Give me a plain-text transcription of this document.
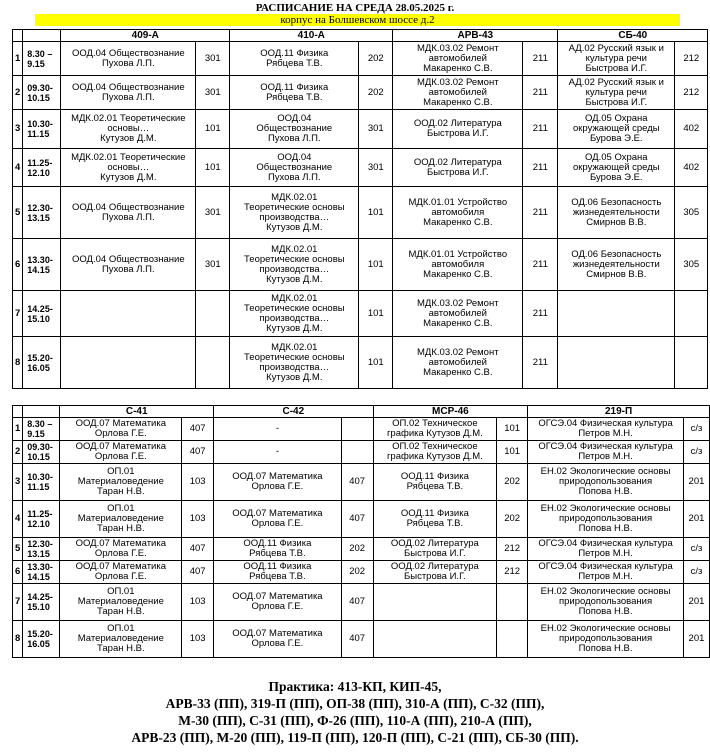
РАСПИСАНИЕ НА СРЕДА 28.05.2025 г.
корпус на Болшевском шоссе д.2
		409-А		410-А		АРВ-43		СБ-40	
1	8.30 –
9.15	ООД.04 Обществознание
Пухова Л.П.	301	ООД.11 Физика
Рябцева Т.В.	202	МДК.03.02 Ремонт
автомобилей
Макаренко С.В.	211	АД.02 Русский язык и
культура речи
Быстрова И.Г.	212
2	09.30-
10.15	ООД.04 Обществознание
Пухова Л.П.	301	ООД.11 Физика
Рябцева Т.В.	202	МДК.03.02 Ремонт
автомобилей
Макаренко С.В.	211	АД.02 Русский язык и
культура речи
Быстрова И.Г.	212
3	10.30-
11.15	МДК.02.01 Теоретические
основы…
Кутузов Д.М.	101	ООД.04
Обществознание
Пухова Л.П.	301	ООД.02 Литература
Быстрова И.Г.	211	ОД.05 Охрана
окружающей среды
Бурова Э.Е.	402
4	11.25-
12.10	МДК.02.01 Теоретические
основы…
Кутузов Д.М.	101	ООД.04
Обществознание
Пухова Л.П.	301	ООД.02 Литература
Быстрова И.Г.	211	ОД.05 Охрана
окружающей среды
Бурова Э.Е.	402
5	12.30-
13.15	ООД.04 Обществознание
Пухова Л.П.	301	МДК.02.01
Теоретические основы
производства…
Кутузов Д.М.	101	МДК.01.01 Устройство
автомобиля
Макаренко С.В.	211	ОД.06 Безопасность
жизнедеятельности
Смирнов В.В.	305
6	13.30-
14.15	ООД.04 Обществознание
Пухова Л.П.	301	МДК.02.01
Теоретические основы
производства…
Кутузов Д.М.	101	МДК.01.01 Устройство
автомобиля
Макаренко С.В.	211	ОД.06 Безопасность
жизнедеятельности
Смирнов В.В.	305
7	14.25-
15.10			МДК.02.01
Теоретические основы
производства…
Кутузов Д.М.	101	МДК.03.02 Ремонт
автомобилей
Макаренко С.В.	211		
8	15.20-
16.05			МДК.02.01
Теоретические основы
производства…
Кутузов Д.М.	101	МДК.03.02 Ремонт
автомобилей
Макаренко С.В.	211		
		С-41		С-42		МСР-46		219-П	
1	8.30 –
9.15	ООД.07 Математика
Орлова Г.Е.	407	-		ОП.02 Техническое
графика Кутузов Д.М.	101	ОГСЭ.04 Физическая культура
Петров М.Н.	с/з
2	09.30-
10.15	ООД.07 Математика
Орлова Г.Е.	407	-		ОП.02 Техническое
графика Кутузов Д.М.	101	ОГСЭ.04 Физическая культура
Петров М.Н.	с/з
3	10.30-
11.15	ОП.01
Материаловедение
Таран Н.В.	103	ООД.07 Математика
Орлова Г.Е.	407	ООД.11 Физика
Рябцева Т.В.	202	ЕН.02 Экологические основы
природопользования
Попова Н.В.	201
4	11.25-
12.10	ОП.01
Материаловедение
Таран Н.В.	103	ООД.07 Математика
Орлова Г.Е.	407	ООД.11 Физика
Рябцева Т.В.	202	ЕН.02 Экологические основы
природопользования
Попова Н.В.	201
5	12.30-
13.15	ООД.07 Математика
Орлова Г.Е.	407	ООД.11 Физика
Рябцева Т.В.	202	ООД.02 Литература
Быстрова И.Г.	212	ОГСЭ.04 Физическая культура
Петров М.Н.	с/з
6	13.30-
14.15	ООД.07 Математика
Орлова Г.Е.	407	ООД.11 Физика
Рябцева Т.В.	202	ООД.02 Литература
Быстрова И.Г.	212	ОГСЭ.04 Физическая культура
Петров М.Н.	с/з
7	14.25-
15.10	ОП.01
Материаловедение
Таран Н.В.	103	ООД.07 Математика
Орлова Г.Е.	407			ЕН.02 Экологические основы
природопользования
Попова Н.В.	201
8	15.20-
16.05	ОП.01
Материаловедение
Таран Н.В.	103	ООД.07 Математика
Орлова Г.Е.	407			ЕН.02 Экологические основы
природопользования
Попова Н.В.	201
Практика: 413-КП, КИП-45,
АРВ-33 (ПП), 319-П (ПП), ОП-38 (ПП), 310-А (ПП), С-32 (ПП),
М-30 (ПП), С-31 (ПП), Ф-26 (ПП), 110-А (ПП), 210-А (ПП),
АРВ-23 (ПП), М-20 (ПП), 119-П (ПП), 120-П (ПП), С-21 (ПП), СБ-30 (ПП).
